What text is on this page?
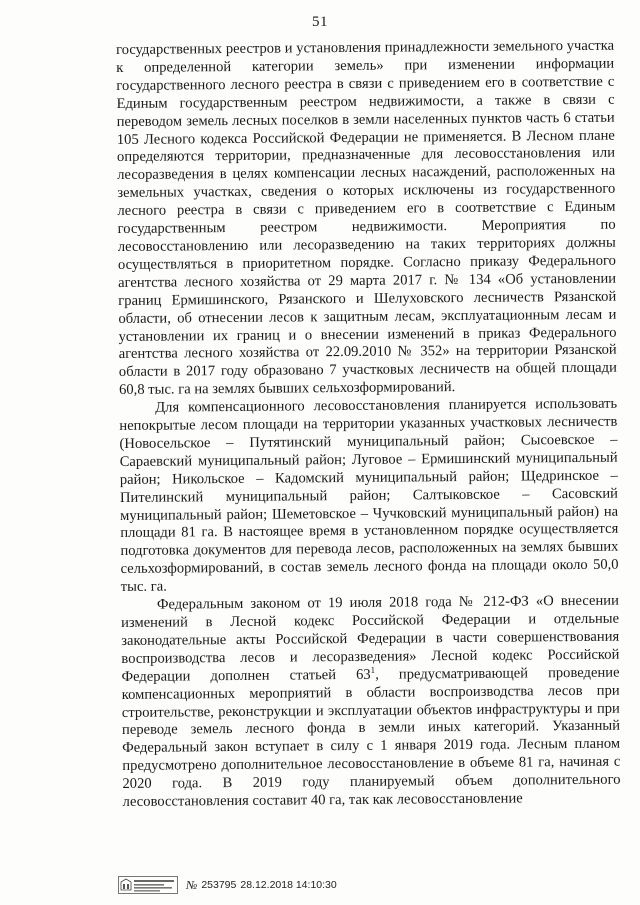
51

государственных реестров и установления принадлежности земельного участка к определенной категории земель» при изменении информации государственного лесного реестра в связи с приведением его в соответствие с Единым государственным реестром недвижимости, а также в связи с переводом земель лесных поселков в земли населенных пунктов часть 6 статьи 105 Лесного кодекса Российской Федерации не применяется. В Лесном плане определяются территории, предназначенные для лесовосстановления или лесоразведения в целях компенсации лесных насаждений, расположенных на земельных участках, сведения о которых исключены из государственного лесного реестра в связи с приведением его в соответствие с Единым государственным реестром недвижимости. Мероприятия по лесовосстановлению или лесоразведению на таких территориях должны осуществляться в приоритетном порядке. Согласно приказу Федерального агентства лесного хозяйства от 29 марта 2017 г. № 134 «Об установлении границ Ермишинского, Рязанского и Шелуховского лесничеств Рязанской области, об отнесении лесов к защитным лесам, эксплуатационным лесам и установлении их границ и о внесении изменений в приказ Федерального агентства лесного хозяйства от 22.09.2010 № 352» на территории Рязанской области в 2017 году образовано 7 участковых лесничеств на общей площади 60,8 тыс. га на землях бывших сельхозформирований.

Для компенсационного лесовосстановления планируется использовать непокрытые лесом площади на территории указанных участковых лесничеств (Новосельское – Путятинский муниципальный район; Сысоевское – Сараевский муниципальный район; Луговое – Ермишинский муниципальный район; Никольское – Кадомский муниципальный район; Щедринское – Пителинский муниципальный район; Салтыковское – Сасовский муниципальный район; Шеметовское – Чучковский муниципальный район) на площади 81 га. В настоящее время в установленном порядке осуществляется подготовка документов для перевода лесов, расположенных на землях бывших сельхозформирований, в состав земель лесного фонда на площади около 50,0 тыс. га.

Федеральным законом от 19 июля 2018 года № 212-ФЗ «О внесении изменений в Лесной кодекс Российской Федерации и отдельные законодательные акты Российской Федерации в части совершенствования воспроизводства лесов и лесоразведения» Лесной кодекс Российской Федерации дополнен статьей $63^1$, предусматривающей проведение компенсационных мероприятий в области воспроизводства лесов при строительстве, реконструкции и эксплуатации объектов инфраструктуры и при переводе земель лесного фонда в земли иных категорий. Указанный Федеральный закон вступает в силу с 1 января 2019 года. Лесным планом предусмотрено дополнительное лесовосстановление в объеме 81 га, начиная с 2020 года. В 2019 году планируемый объем дополнительного лесовосстановления составит 40 га, так как лесовосстановление

№ 253795 28.12.2018 14:10:30
